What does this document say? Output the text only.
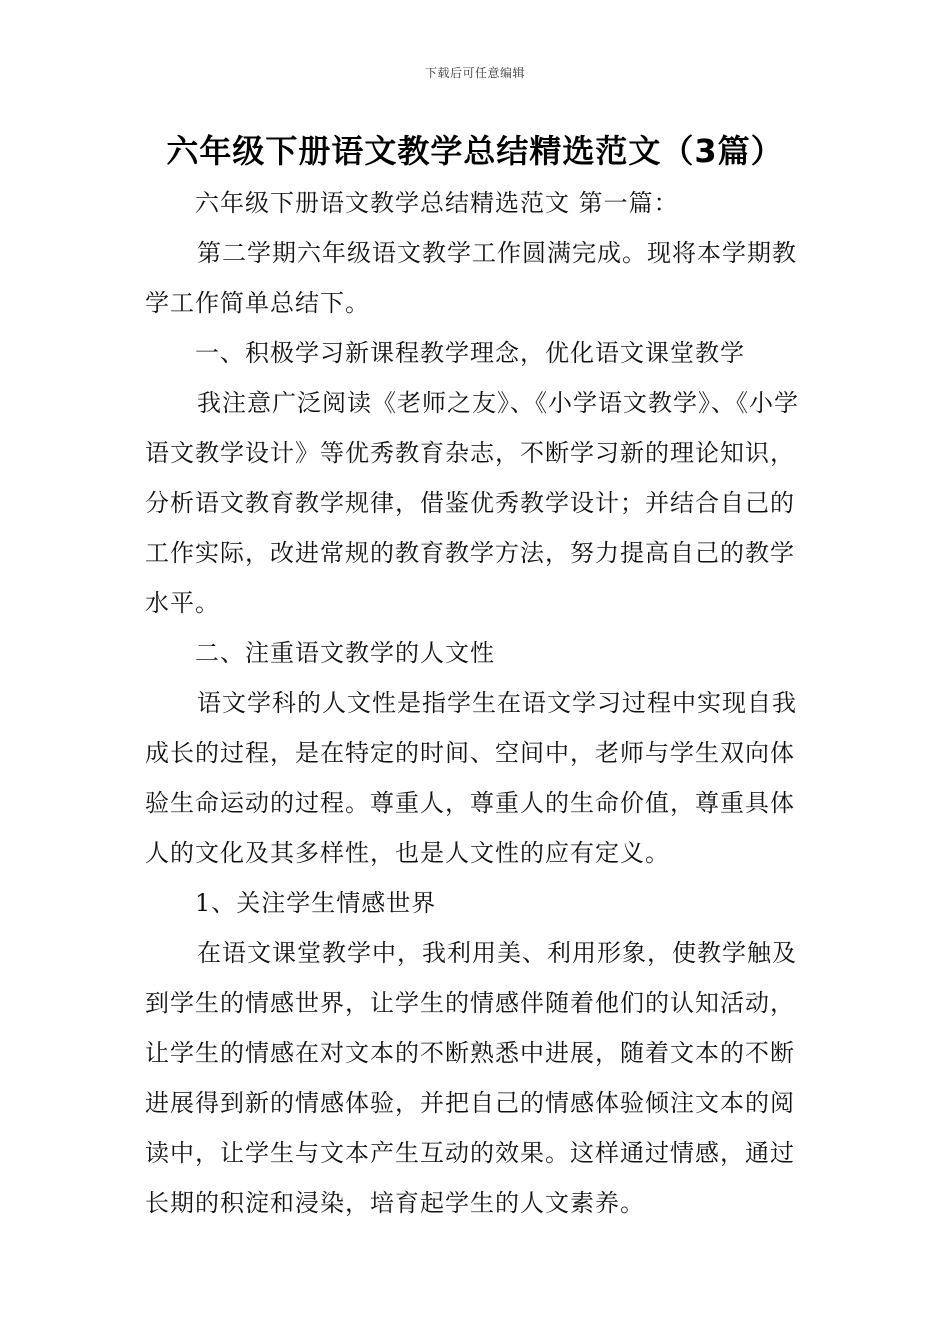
下载后可任意编辑
六年级下册语文教学总结精选范文（3篇）

六年级下册语文教学总结精选范文 第一篇：

第二学期六年级语文教学工作圆满完成。现将本学期教学工作简单总结下。

一、积极学习新课程教学理念，优化语文课堂教学

我注意广泛阅读《老师之友》、《小学语文教学》、《小学语文教学设计》等优秀教育杂志，不断学习新的理论知识，分析语文教育教学规律，借鉴优秀教学设计；并结合自己的工作实际，改进常规的教育教学方法，努力提高自己的教学水平。

二、注重语文教学的人文性

语文学科的人文性是指学生在语文学习过程中实现自我成长的过程，是在特定的时间、空间中，老师与学生双向体验生命运动的过程。尊重人，尊重人的生命价值，尊重具体人的文化及其多样性，也是人文性的应有定义。

1、关注学生情感世界

在语文课堂教学中，我利用美、利用形象，使教学触及到学生的情感世界，让学生的情感伴随着他们的认知活动，让学生的情感在对文本的不断熟悉中进展，随着文本的不断进展得到新的情感体验，并把自己的情感体验倾注文本的阅读中，让学生与文本产生互动的效果。这样通过情感，通过长期的积淀和浸染，培育起学生的人文素养。
